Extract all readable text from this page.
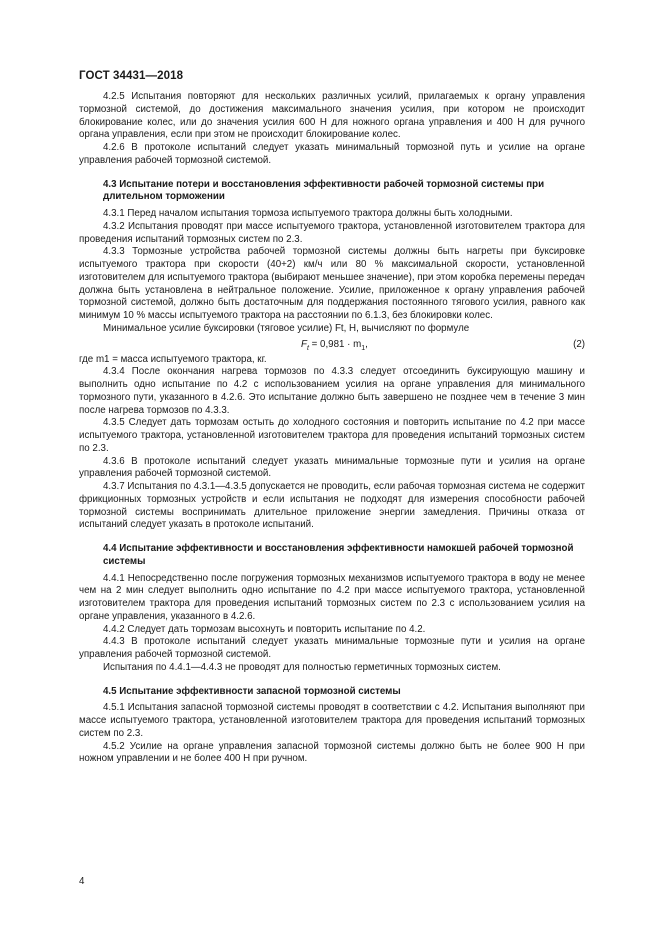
ГОСТ 34431—2018

4.2.5 Испытания повторяют для нескольких различных усилий, прилагаемых к органу управления тормозной системой, до достижения максимального значения усилия, при котором не происходит блокирование колес, или до значения усилия 600 Н для ножного органа управления и 400 Н для ручного органа управления, если при этом не происходит блокирование колес.

4.2.6 В протоколе испытаний следует указать минимальный тормозной путь и усилие на органе управления рабочей тормозной системой.

4.3 Испытание потери и восстановления эффективности рабочей тормозной системы при длительном торможении

4.3.1 Перед началом испытания тормоза испытуемого трактора должны быть холодными.

4.3.2 Испытания проводят при массе испытуемого трактора, установленной изготовителем трактора для проведения испытаний тормозных систем по 2.3.

4.3.3 Тормозные устройства рабочей тормозной системы должны быть нагреты при буксировке испытуемого трактора при скорости (40+2) км/ч или 80 % максимальной скорости, установленной изготовителем для испытуемого трактора (выбирают меньшее значение), при этом коробка перемены передач должна быть установлена в нейтральное положение. Усилие, приложенное к органу управления рабочей тормозной системой, должно быть достаточным для поддержания постоянного тягового усилия, равного как минимум 10 % массы испытуемого трактора на расстоянии по 6.1.3, без блокировки колес.

Минимальное усилие буксировки (тяговое усилие) Ft, Н, вычисляют по формуле

$F_t = 0,981 \cdot m_1$,	(2)

где m1 = масса испытуемого трактора, кг.

4.3.4 После окончания нагрева тормозов по 4.3.3 следует отсоединить буксирующую машину и выполнить одно испытание по 4.2 с использованием усилия на органе управления для минимального тормозного пути, указанного в 4.2.6. Это испытание должно быть завершено не позднее чем в течение 3 мин после нагрева тормозов по 4.3.3.

4.3.5 Следует дать тормозам остыть до холодного состояния и повторить испытание по 4.2 при массе испытуемого трактора, установленной изготовителем трактора для проведения испытаний тормозных систем по 2.3.

4.3.6 В протоколе испытаний следует указать минимальные тормозные пути и усилия на органе управления рабочей тормозной системой.

4.3.7 Испытания по 4.3.1—4.3.5 допускается не проводить, если рабочая тормозная система не содержит фрикционных тормозных устройств и если испытания не подходят для измерения способности рабочей тормозной системы воспринимать длительное приложение энергии замедления. Причины отказа от испытаний следует указать в протоколе испытаний.

4.4 Испытание эффективности и восстановления эффективности намокшей рабочей тормозной системы

4.4.1 Непосредственно после погружения тормозных механизмов испытуемого трактора в воду не менее чем на 2 мин следует выполнить одно испытание по 4.2 при массе испытуемого трактора, установленной изготовителем трактора для проведения испытаний тормозных систем по 2.3 с использованием усилия на органе управления, указанного в 4.2.6.

4.4.2 Следует дать тормозам высохнуть и повторить испытание по 4.2.

4.4.3 В протоколе испытаний следует указать минимальные тормозные пути и усилия на органе управления рабочей тормозной системой.

Испытания по 4.4.1—4.4.3 не проводят для полностью герметичных тормозных систем.

4.5 Испытание эффективности запасной тормозной системы

4.5.1 Испытания запасной тормозной системы проводят в соответствии с 4.2. Испытания выполняют при массе испытуемого трактора, установленной изготовителем трактора для проведения испытаний тормозных систем по 2.3.

4.5.2 Усилие на органе управления запасной тормозной системы должно быть не более 900 Н при ножном управлении и не более 400 Н при ручном.

4
